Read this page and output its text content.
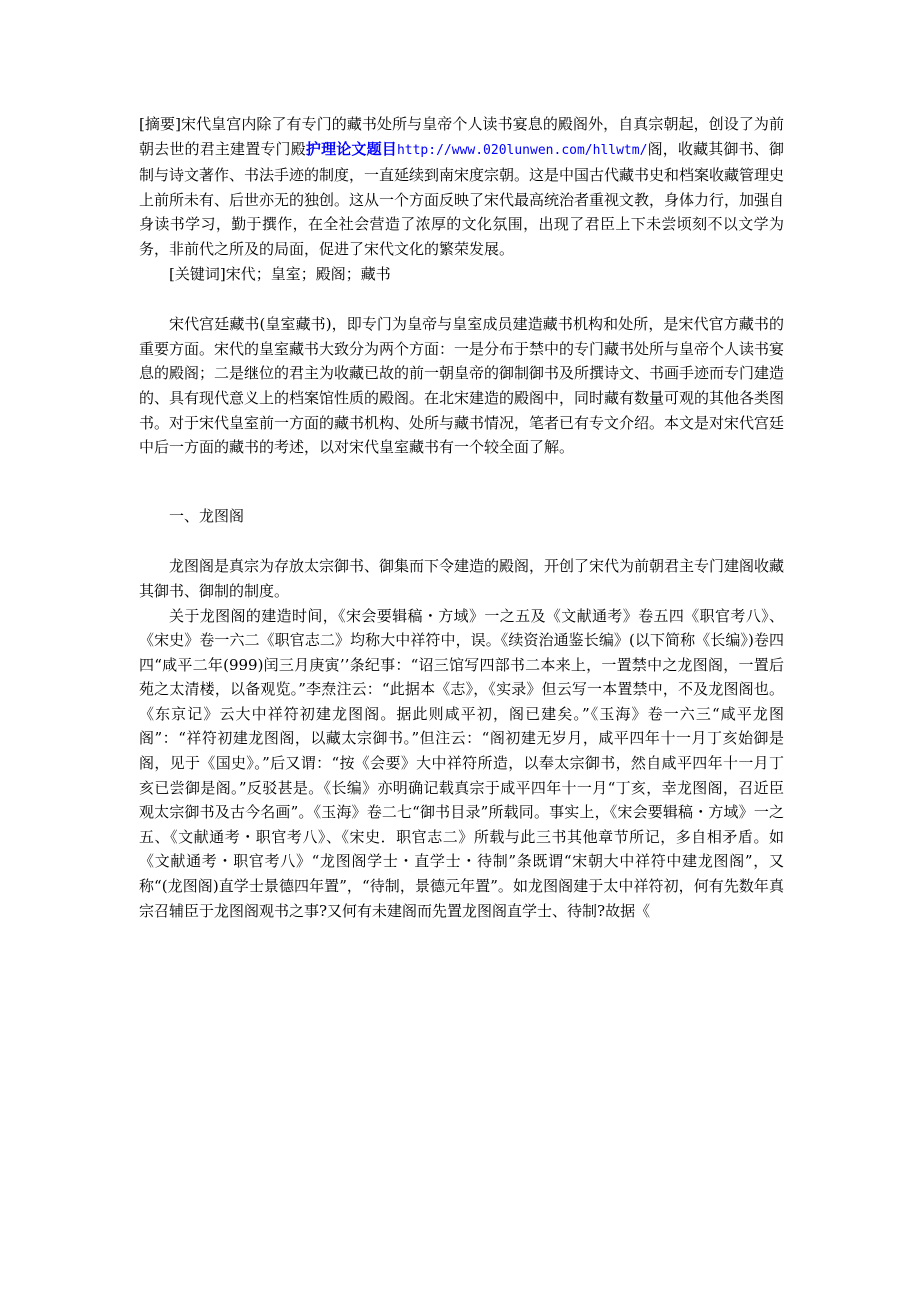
[摘要]宋代皇宫内除了有专门的藏书处所与皇帝个人读书宴息的殿阁外，自真宗朝起，创设了为前朝去世的君主建置专门殿护理论文题目http://www.020lunwen.com/hllwtm/阁，收藏其御书、御制与诗文著作、书法手迹的制度，一直延续到南宋度宗朝。这是中国古代藏书史和档案收藏管理史上前所未有、后世亦无的独创。这从一个方面反映了宋代最高统治者重视文教，身体力行，加强自身读书学习，勤于撰作，在全社会营造了浓厚的文化氛围，出现了君臣上下未尝顷刻不以文学为务，非前代之所及的局面，促进了宋代文化的繁荣发展。

[关键词]宋代；皇室；殿阁；藏书

宋代宫廷藏书(皇室藏书)，即专门为皇帝与皇室成员建造藏书机构和处所，是宋代官方藏书的重要方面。宋代的皇室藏书大致分为两个方面：一是分布于禁中的专门藏书处所与皇帝个人读书宴息的殿阁；二是继位的君主为收藏已故的前一朝皇帝的御制御书及所撰诗文、书画手迹而专门建造的、具有现代意义上的档案馆性质的殿阁。在北宋建造的殿阁中，同时藏有数量可观的其他各类图书。对于宋代皇室前一方面的藏书机构、处所与藏书情况，笔者已有专文介绍。本文是对宋代宫廷中后一方面的藏书的考述，以对宋代皇室藏书有一个较全面了解。

一、龙图阁

龙图阁是真宗为存放太宗御书、御集而下令建造的殿阁，开创了宋代为前朝君主专门建阁收藏其御书、御制的制度。

关于龙图阁的建造时间，《宋会要辑稿・方域》一之五及《文献通考》卷五四《职官考八》、《宋史》卷一六二《职官志二》均称大中祥符中，误。《续资治通鉴长编》(以下简称《长编》)卷四四“咸平二年(999)闰三月庚寅’’条纪事：“诏三馆写四部书二本来上，一置禁中之龙图阁，一置后苑之太清楼，以备观览。”李焘注云：“此据本《志》，《实录》但云写一本置禁中，不及龙图阁也。《东京记》云大中祥符初建龙图阁。据此则咸平初，阁已建矣。”《玉海》卷一六三“咸平龙图阁”：“祥符初建龙图阁，以藏太宗御书。”但注云：“阁初建无岁月，咸平四年十一月丁亥始御是阁，见于《国史》。”后又谓：“按《会要》大中祥符所造，以奉太宗御书，然自咸平四年十一月丁亥已尝御是阁。”反驳甚是。《长编》亦明确记载真宗于咸平四年十一月“丁亥，幸龙图阁，召近臣观太宗御书及古今名画”。《玉海》卷二七“御书目录”所载同。事实上，《宋会要辑稿・方域》一之五、《文献通考・职官考八》、《宋史．职官志二》所载与此三书其他章节所记，多自相矛盾。如《文献通考・职官考八》“龙图阁学士・直学士・待制”条既谓“宋朝大中祥符中建龙图阁”，又称“(龙图阁)直学士景德四年置”，“待制，景德元年置”。如龙图阁建于太中祥符初，何有先数年真宗召辅臣于龙图阁观书之事?又何有未建阁而先置龙图阁直学士、待制?故据《
